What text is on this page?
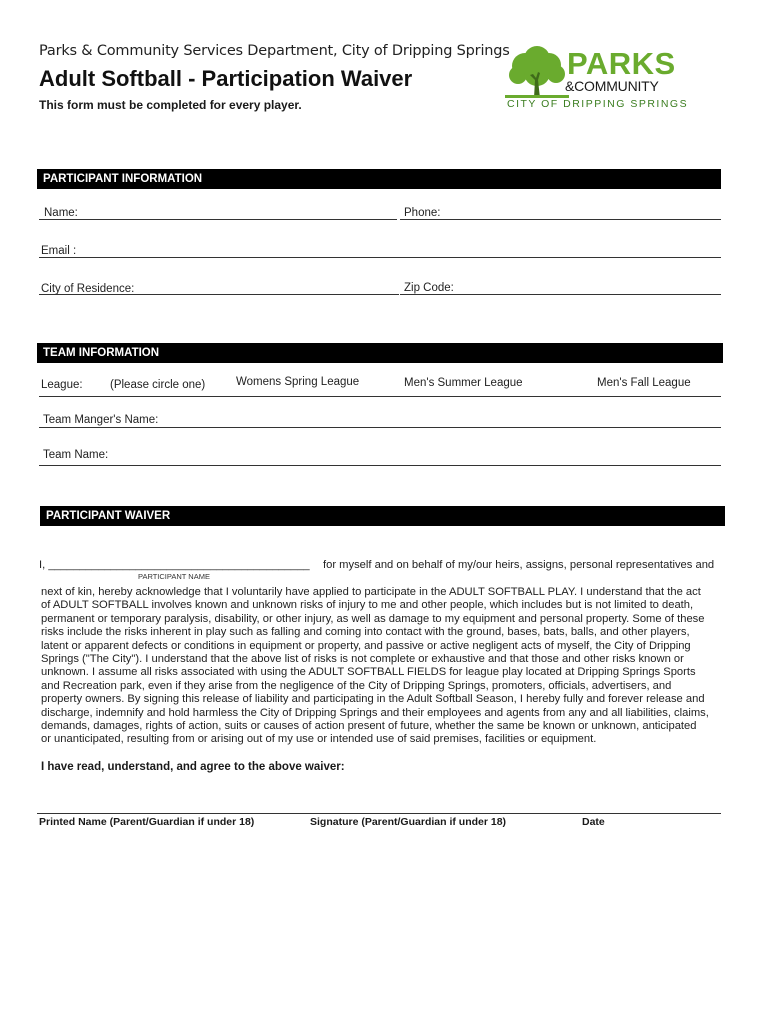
Parks & Community Services Department, City of Dripping Springs
Adult Softball - Participation Waiver
This form must be completed for every player.
PARKS
&COMMUNITY
CITY OF DRIPPING SPRINGS
PARTICIPANT INFORMATION
Name:	Phone:
Email :
City of Residence:	Zip Code:
TEAM INFORMATION
League: (Please circle one)	Womens Spring League	Men's Summer League	Men's Fall League
Team Manger's Name:
Team Name:
PARTICIPANT WAIVER
I, __________________________________________ for myself and on behalf of my/our heirs, assigns, personal representatives and
PARTICIPANT NAME
next of kin, hereby acknowledge that I voluntarily have applied to participate in the ADULT SOFTBALL PLAY. I understand that the act
of ADULT SOFTBALL involves known and unknown risks of injury to me and other people, which includes but is not limited to death,
permanent or temporary paralysis, disability, or other injury, as well as damage to my equipment and personal property. Some of these
risks include the risks inherent in play such as falling and coming into contact with the ground, bases, bats, balls, and other players,
latent or apparent defects or conditions in equipment or property, and passive or active negligent acts of myself, the City of Dripping
Springs ("The City"). I understand that the above list of risks is not complete or exhaustive and that those and other risks known or
unknown. I assume all risks associated with using the ADULT SOFTBALL FIELDS for league play located at Dripping Springs Sports
and Recreation park, even if they arise from the negligence of the City of Dripping Springs, promoters, officials, advertisers, and
property owners. By signing this release of liability and participating in the Adult Softball Season, I hereby fully and forever release and
discharge, indemnify and hold harmless the City of Dripping Springs and their employees and agents from any and all liabilities, claims,
demands, damages, rights of action, suits or causes of action present of future, whether the same be known or unknown, anticipated
or unanticipated, resulting from or arising out of my use or intended use of said premises, facilities or equipment.
I have read, understand, and agree to the above waiver:
Printed Name (Parent/Guardian if under 18)	Signature (Parent/Guardian if under 18)	Date
